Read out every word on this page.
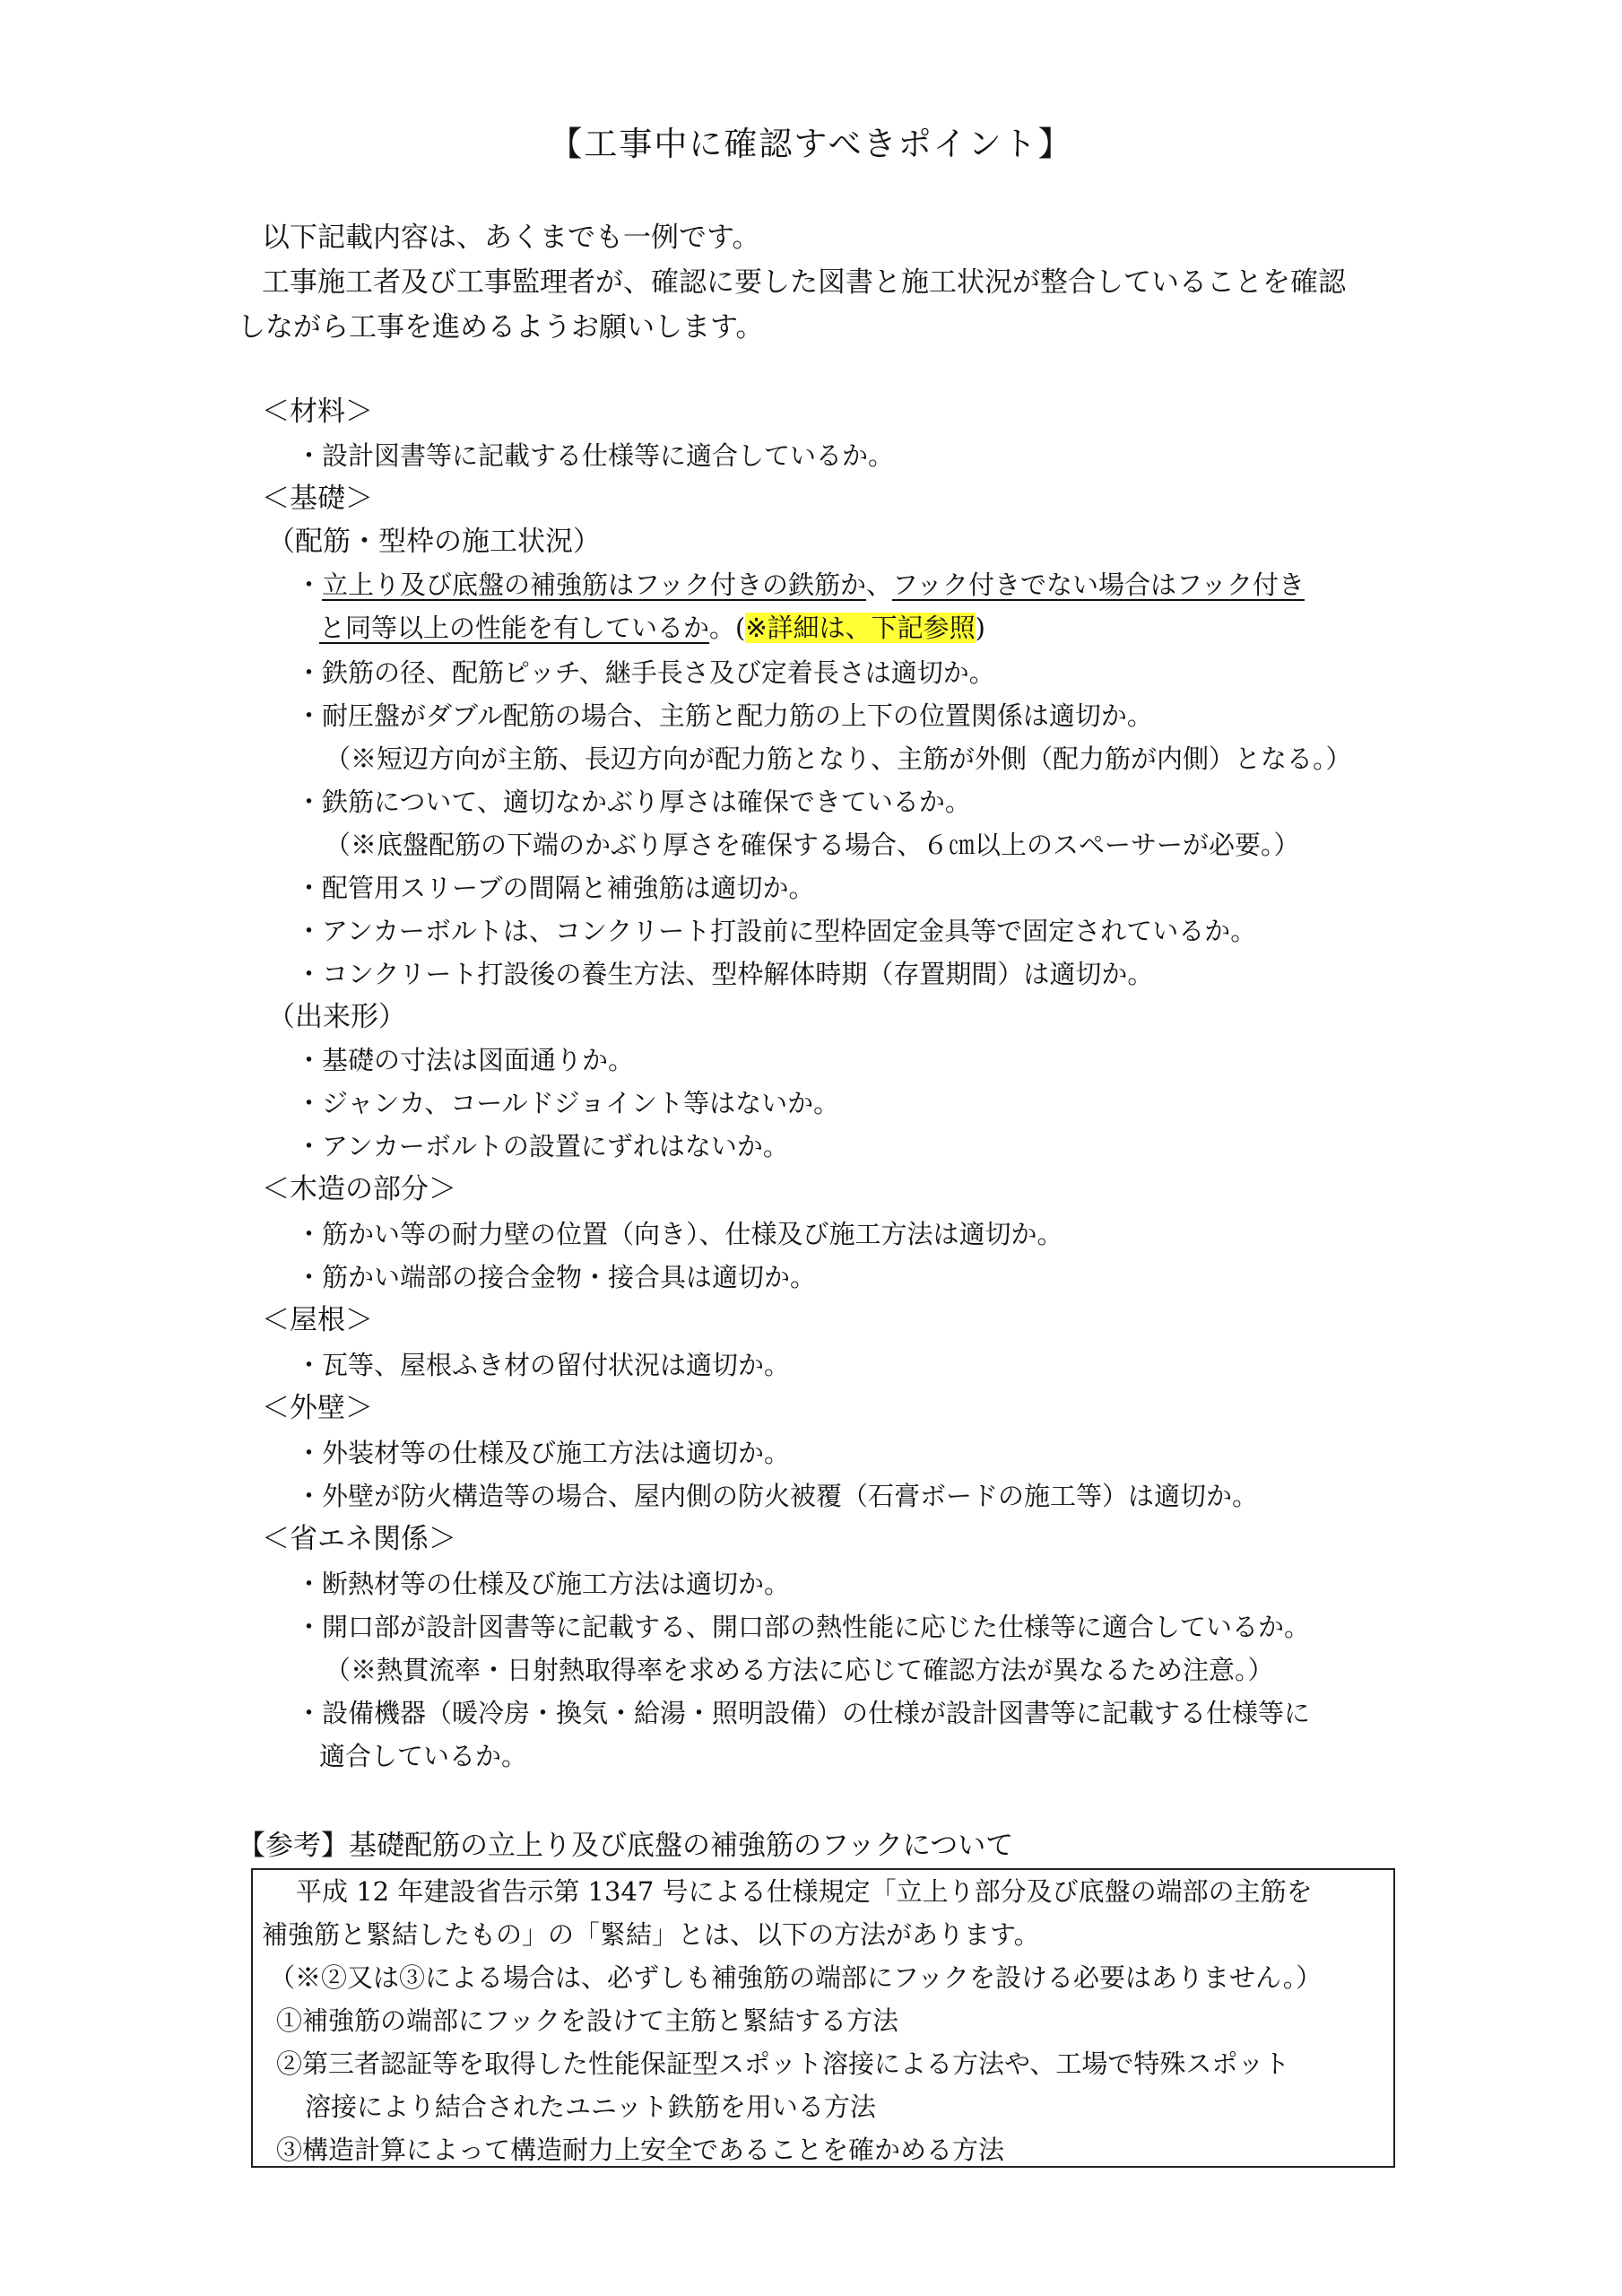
【工事中に確認すべきポイント】
以下記載内容は、あくまでも一例です。
工事施工者及び工事監理者が、確認に要した図書と施工状況が整合していることを確認
しながら工事を進めるようお願いします。
＜材料＞
・設計図書等に記載する仕様等に適合しているか。
＜基礎＞
（配筋・型枠の施工状況）
・立上り及び底盤の補強筋はフック付きの鉄筋か、フック付きでない場合はフック付き
と同等以上の性能を有しているか。(※詳細は、下記参照)
・鉄筋の径、配筋ピッチ、継手長さ及び定着長さは適切か。
・耐圧盤がダブル配筋の場合、主筋と配力筋の上下の位置関係は適切か。
（※短辺方向が主筋、長辺方向が配力筋となり、主筋が外側（配力筋が内側）となる。）
・鉄筋について、適切なかぶり厚さは確保できているか。
（※底盤配筋の下端のかぶり厚さを確保する場合、６㎝以上のスペーサーが必要。）
・配管用スリーブの間隔と補強筋は適切か。
・アンカーボルトは、コンクリート打設前に型枠固定金具等で固定されているか。
・コンクリート打設後の養生方法、型枠解体時期（存置期間）は適切か。
（出来形）
・基礎の寸法は図面通りか。
・ジャンカ、コールドジョイント等はないか。
・アンカーボルトの設置にずれはないか。
＜木造の部分＞
・筋かい等の耐力壁の位置（向き）、仕様及び施工方法は適切か。
・筋かい端部の接合金物・接合具は適切か。
＜屋根＞
・瓦等、屋根ふき材の留付状況は適切か。
＜外壁＞
・外装材等の仕様及び施工方法は適切か。
・外壁が防火構造等の場合、屋内側の防火被覆（石膏ボードの施工等）は適切か。
＜省エネ関係＞
・断熱材等の仕様及び施工方法は適切か。
・開口部が設計図書等に記載する、開口部の熱性能に応じた仕様等に適合しているか。
（※熱貫流率・日射熱取得率を求める方法に応じて確認方法が異なるため注意。）
・設備機器（暖冷房・換気・給湯・照明設備）の仕様が設計図書等に記載する仕様等に
適合しているか。
【参考】基礎配筋の立上り及び底盤の補強筋のフックについて
平成 12 年建設省告示第 1347 号による仕様規定「立上り部分及び底盤の端部の主筋を
補強筋と緊結したもの」の「緊結」とは、以下の方法があります。
（※②又は③による場合は、必ずしも補強筋の端部にフックを設ける必要はありません。）
①補強筋の端部にフックを設けて主筋と緊結する方法
②第三者認証等を取得した性能保証型スポット溶接による方法や、工場で特殊スポット
溶接により結合されたユニット鉄筋を用いる方法
③構造計算によって構造耐力上安全であることを確かめる方法
